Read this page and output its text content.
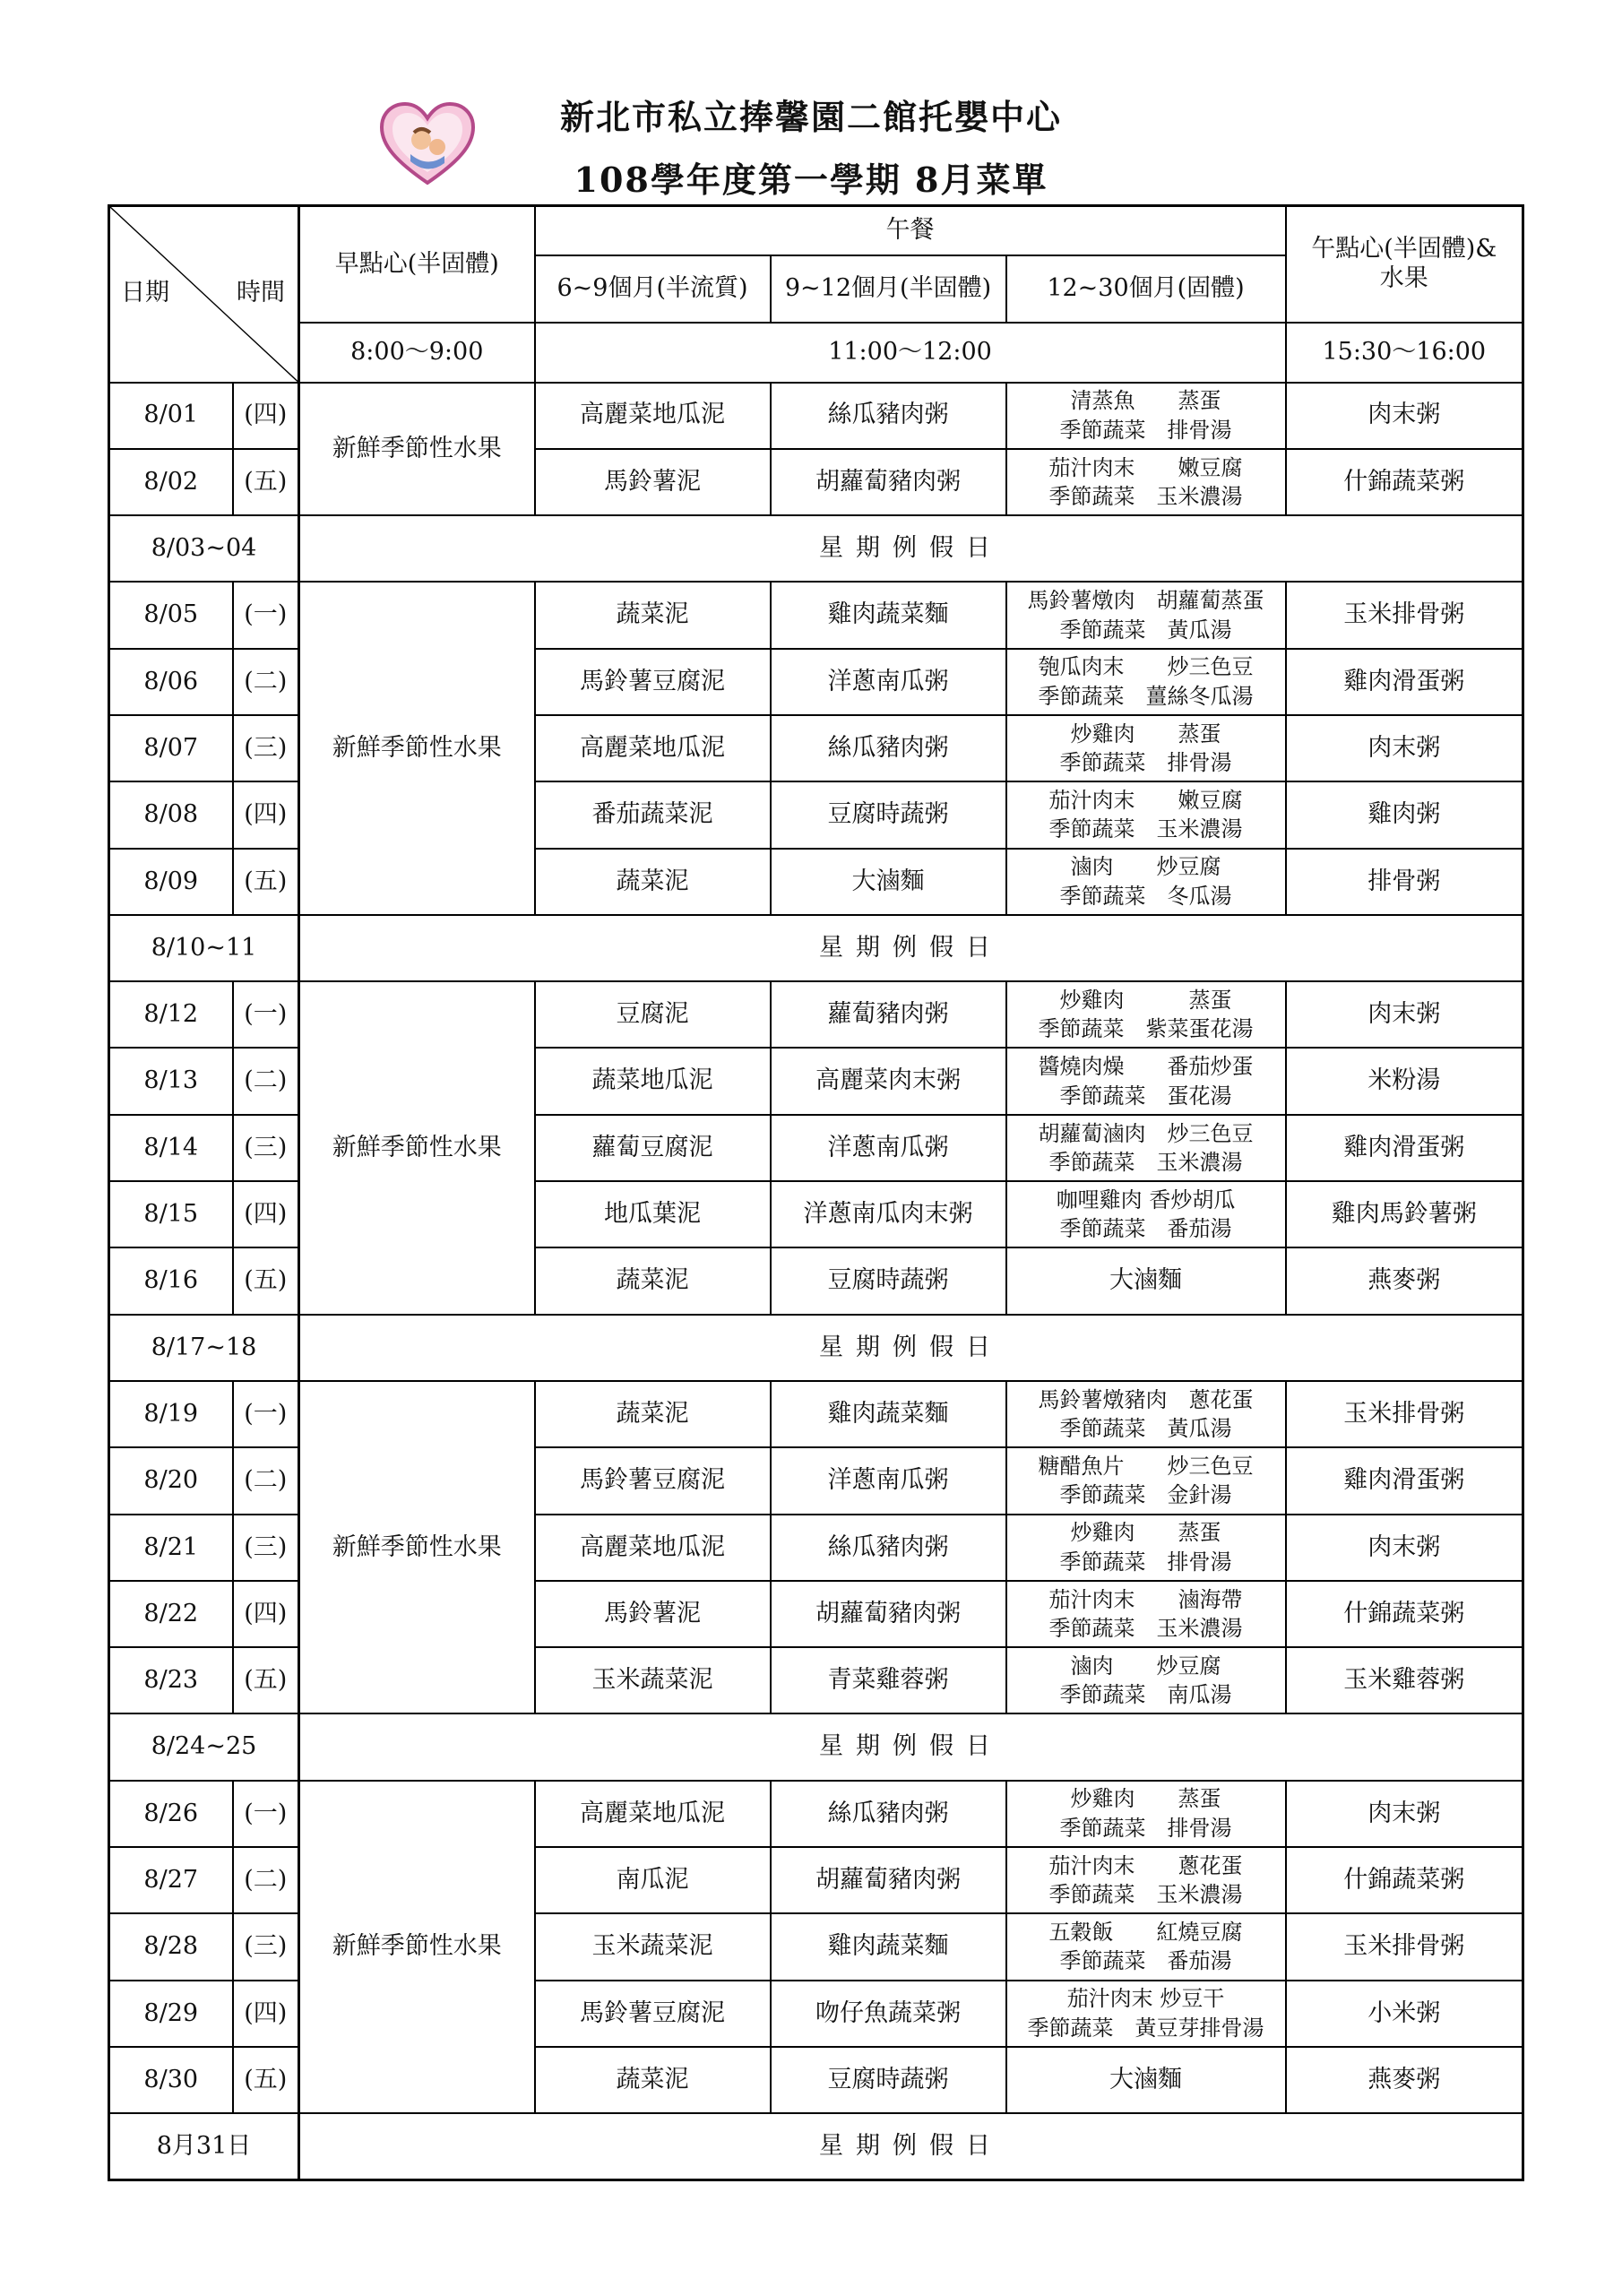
新北市私立捧馨園二館托嬰中心
108學年度第一學期 8月菜單
日期 時間		早點心(半固體)	午餐			午點心(半固體)&水果

			6~9個月(半流質)	9~12個月(半固體)	12~30個月(固體)	
		8:00～9:00	11:00～12:00			15:30～16:00
8/01	(四)	新鮮季節性水果	高麗菜地瓜泥	絲瓜豬肉粥	清蒸魚　　蒸蛋
季節蔬菜　排骨湯	肉末粥
8/02	(五)		馬鈴薯泥	胡蘿蔔豬肉粥	茄汁肉末　　嫩豆腐
季節蔬菜　玉米濃湯	什錦蔬菜粥
8/03~04		星期例假日				
8/05	(一)	新鮮季節性水果	蔬菜泥	雞肉蔬菜麵	馬鈴薯燉肉　胡蘿蔔蒸蛋
季節蔬菜　黃瓜湯	玉米排骨粥
8/06	(二)		馬鈴薯豆腐泥	洋蔥南瓜粥	匏瓜肉末　　炒三色豆
季節蔬菜　薑絲冬瓜湯	雞肉滑蛋粥
8/07	(三)		高麗菜地瓜泥	絲瓜豬肉粥	炒雞肉　　蒸蛋
季節蔬菜　排骨湯	肉末粥
8/08	(四)		番茄蔬菜泥	豆腐時蔬粥	茄汁肉末　　嫩豆腐
季節蔬菜　玉米濃湯	雞肉粥
8/09	(五)		蔬菜泥	大滷麵	滷肉　　炒豆腐
季節蔬菜　冬瓜湯	排骨粥
8/10~11		星期例假日				
8/12	(一)	新鮮季節性水果	豆腐泥	蘿蔔豬肉粥	炒雞肉　　　蒸蛋
季節蔬菜　紫菜蛋花湯	肉末粥
8/13	(二)		蔬菜地瓜泥	高麗菜肉末粥	醬燒肉燥　　番茄炒蛋
季節蔬菜　蛋花湯	米粉湯
8/14	(三)		蘿蔔豆腐泥	洋蔥南瓜粥	胡蘿蔔滷肉　炒三色豆
季節蔬菜　玉米濃湯	雞肉滑蛋粥
8/15	(四)		地瓜葉泥	洋蔥南瓜肉末粥	咖哩雞肉 香炒胡瓜
季節蔬菜　番茄湯	雞肉馬鈴薯粥
8/16	(五)		蔬菜泥	豆腐時蔬粥	大滷麵	燕麥粥
8/17~18		星期例假日				
8/19	(一)	新鮮季節性水果	蔬菜泥	雞肉蔬菜麵	馬鈴薯燉豬肉　蔥花蛋
季節蔬菜　黃瓜湯	玉米排骨粥
8/20	(二)		馬鈴薯豆腐泥	洋蔥南瓜粥	糖醋魚片　　炒三色豆
季節蔬菜　金針湯	雞肉滑蛋粥
8/21	(三)		高麗菜地瓜泥	絲瓜豬肉粥	炒雞肉　　蒸蛋
季節蔬菜　排骨湯	肉末粥
8/22	(四)		馬鈴薯泥	胡蘿蔔豬肉粥	茄汁肉末　　滷海帶
季節蔬菜　玉米濃湯	什錦蔬菜粥
8/23	(五)		玉米蔬菜泥	青菜雞蓉粥	滷肉　　炒豆腐
季節蔬菜　南瓜湯	玉米雞蓉粥
8/24~25		星期例假日				
8/26	(一)	新鮮季節性水果	高麗菜地瓜泥	絲瓜豬肉粥	炒雞肉　　蒸蛋
季節蔬菜　排骨湯	肉末粥
8/27	(二)		南瓜泥	胡蘿蔔豬肉粥	茄汁肉末　　蔥花蛋
季節蔬菜　玉米濃湯	什錦蔬菜粥
8/28	(三)		玉米蔬菜泥	雞肉蔬菜麵	五穀飯　　紅燒豆腐
季節蔬菜　番茄湯	玉米排骨粥
8/29	(四)		馬鈴薯豆腐泥	吻仔魚蔬菜粥	茄汁肉末 炒豆干
季節蔬菜　黃豆芽排骨湯	小米粥
8/30	(五)		蔬菜泥	豆腐時蔬粥	大滷麵	燕麥粥
8月31日		星期例假日				
